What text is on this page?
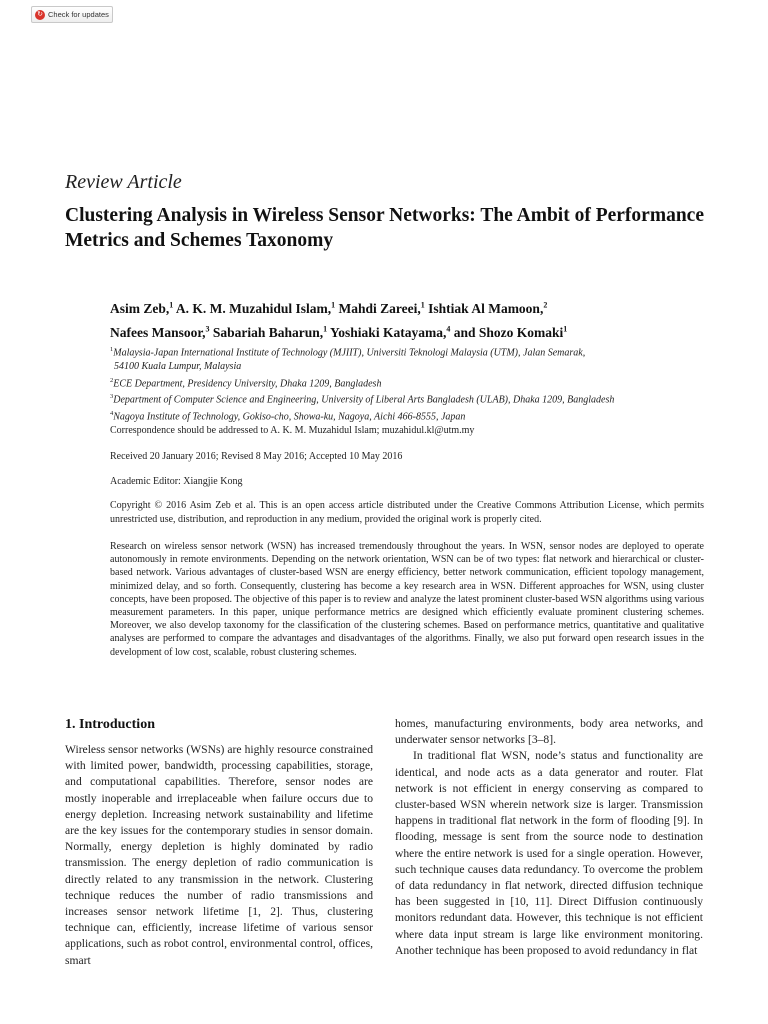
↻ Check for updates
Review Article
Clustering Analysis in Wireless Sensor Networks: The Ambit of Performance Metrics and Schemes Taxonomy
Asim Zeb,$^1$ A. K. M. Muzahidul Islam,$^1$ Mahdi Zareei,$^1$ Ishtiak Al Mamoon,$^2$
Nafees Mansoor,$^3$ Sabariah Baharun,$^1$ Yoshiaki Katayama,$^4$ and Shozo Komaki$^1$
$^1$Malaysia-Japan International Institute of Technology (MJIIT), Universiti Teknologi Malaysia (UTM), Jalan Semarak,
54100 Kuala Lumpur, Malaysia
$^2$ECE Department, Presidency University, Dhaka 1209, Bangladesh
$^3$Department of Computer Science and Engineering, University of Liberal Arts Bangladesh (ULAB), Dhaka 1209, Bangladesh
$^4$Nagoya Institute of Technology, Gokiso-cho, Showa-ku, Nagoya, Aichi 466-8555, Japan
Correspondence should be addressed to A. K. M. Muzahidul Islam; muzahidul.kl@utm.my
Received 20 January 2016; Revised 8 May 2016; Accepted 10 May 2016
Academic Editor: Xiangjie Kong
Copyright © 2016 Asim Zeb et al. This is an open access article distributed under the Creative Commons Attribution License, which permits unrestricted use, distribution, and reproduction in any medium, provided the original work is properly cited.
Research on wireless sensor network (WSN) has increased tremendously throughout the years. In WSN, sensor nodes are deployed to operate autonomously in remote environments. Depending on the network orientation, WSN can be of two types: flat network and hierarchical or cluster-based network. Various advantages of cluster-based WSN are energy efficiency, better network communication, efficient topology management, minimized delay, and so forth. Consequently, clustering has become a key research area in WSN. Different approaches for WSN, using cluster concepts, have been proposed. The objective of this paper is to review and analyze the latest prominent cluster-based WSN algorithms using various measurement parameters. In this paper, unique performance metrics are designed which efficiently evaluate prominent clustering schemes. Moreover, we also develop taxonomy for the classification of the clustering schemes. Based on performance metrics, quantitative and qualitative analyses are performed to compare the advantages and disadvantages of the algorithms. Finally, we also put forward open research issues in the development of low cost, scalable, robust clustering schemes.
1. Introduction

Wireless sensor networks (WSNs) are highly resource constrained with limited power, bandwidth, processing capabilities, storage, and computational capabilities. Therefore, sensor nodes are mostly inoperable and irreplaceable when failure occurs due to energy depletion. Increasing network sustainability and lifetime are the key issues for the contemporary studies in sensor domain. Normally, energy depletion is highly dominated by radio transmission. The energy depletion of radio communication is directly related to any transmission in the network. Clustering technique reduces the number of radio transmissions and increases sensor network lifetime [1, 2]. Thus, clustering technique can, efficiently, increase lifetime of various sensor applications, such as robot control, environmental control, offices, smart

homes, manufacturing environments, body area networks, and underwater sensor networks [3–8].

In traditional flat WSN, node’s status and functionality are identical, and node acts as a data generator and router. Flat network is not efficient in energy conserving as compared to cluster-based WSN wherein network size is larger. Transmission happens in traditional flat network in the form of flooding [9]. In flooding, message is sent from the source node to destination where the entire network is used for a single operation. However, such technique causes data redundancy. To overcome the problem of data redundancy in flat network, directed diffusion technique has been suggested in [10, 11]. Direct Diffusion continuously monitors redundant data. However, this technique is not efficient where data input stream is large like environment monitoring. Another technique has been proposed to avoid redundancy in flat
